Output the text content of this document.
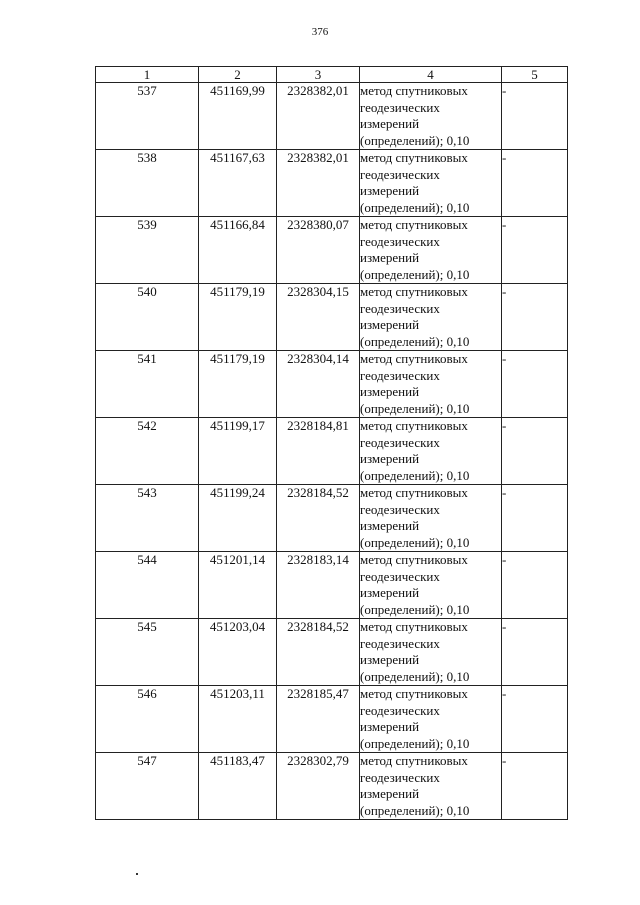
376
1	2	3	4	5
537	451169,99	2328382,01	метод спутниковых
геодезических
измерений
(определений); 0,10	-
538	451167,63	2328382,01	метод спутниковых
геодезических
измерений
(определений); 0,10	-
539	451166,84	2328380,07	метод спутниковых
геодезических
измерений
(определений); 0,10	-
540	451179,19	2328304,15	метод спутниковых
геодезических
измерений
(определений); 0,10	-
541	451179,19	2328304,14	метод спутниковых
геодезических
измерений
(определений); 0,10	-
542	451199,17	2328184,81	метод спутниковых
геодезических
измерений
(определений); 0,10	-
543	451199,24	2328184,52	метод спутниковых
геодезических
измерений
(определений); 0,10	-
544	451201,14	2328183,14	метод спутниковых
геодезических
измерений
(определений); 0,10	-
545	451203,04	2328184,52	метод спутниковых
геодезических
измерений
(определений); 0,10	-
546	451203,11	2328185,47	метод спутниковых
геодезических
измерений
(определений); 0,10	-
547	451183,47	2328302,79	метод спутниковых
геодезических
измерений
(определений); 0,10	-
